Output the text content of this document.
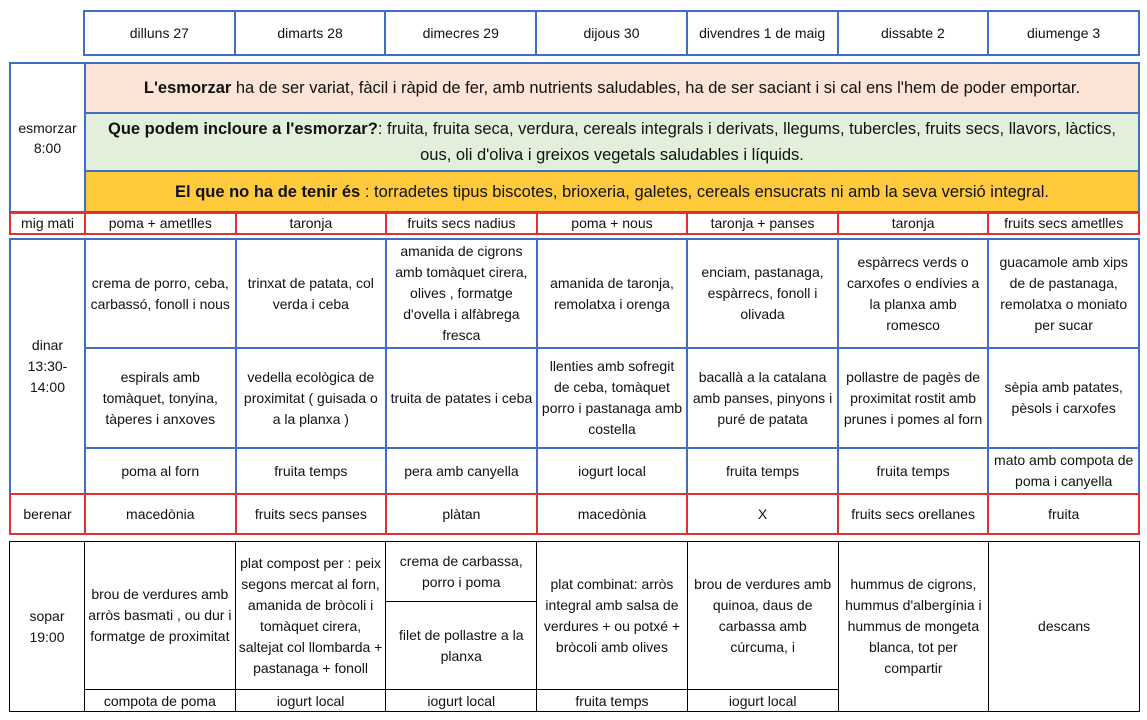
	dilluns 27	dimarts 28	dimecres 29	dijous 30	divendres 1 de maig	dissabte 2	diumenge 3
esmorzar
8:00	L'esmorzar ha de ser variat, fàcil i ràpid de fer, amb nutrients saludables, ha de ser saciant i si cal ens l'hem de poder emportar.
Que podem incloure a l'esmorzar?: fruita, fruita seca, verdura, cereals integrals i derivats, llegums, tubercles, fruits secs, llavors, làctics, ous, oli d'oliva i greixos vegetals saludables i líquids.
El que no ha de tenir és : torradetes tipus biscotes, brioxeria, galetes, cereals ensucrats ni amb la seva versió integral.
mig mati	poma + ametlles	taronja	fruits secs nadius	poma + nous	taronja + panses	taronja	fruits secs ametlles
dinar
13:30-
14:00	crema de porro, ceba, carbassó, fonoll i nous	trinxat de patata, col verda i ceba	amanida de cigrons amb tomàquet cirera, olives , formatge d'ovella i alfàbrega fresca	amanida de taronja, remolatxa i orenga	enciam, pastanaga, espàrrecs, fonoll i olivada	espàrrecs verds o carxofes o endívies a la planxa amb romesco	guacamole amb xips de de pastanaga, remolatxa o moniato per sucar
	espirals amb tomàquet, tonyina, tàperes i anxoves	vedella ecològica de proximitat ( guisada o a la planxa )	truita de patates i ceba	llenties amb sofregit de ceba, tomàquet porro i pastanaga amb costella	bacallà a la catalana amb panses, pinyons i puré de patata	pollastre de pagès de proximitat rostit amb prunes i pomes al forn	sèpia amb patates, pèsols i carxofes
	poma al forn	fruita temps	pera amb canyella	iogurt local	fruita temps	fruita temps	mato amb compota de poma i canyella
berenar	macedònia	fruits secs panses	plàtan	macedònia	X	fruits secs orellanes	fruita
sopar
19:00	brou de verdures amb arròs basmati , ou dur i formatge de proximitat	plat compost per : peix segons mercat al forn, amanida de bròcoli i tomàquet cirera, saltejat col llombarda + pastanaga + fonoll	crema de carbassa, porro i poma	plat combinat: arròs integral amb salsa de verdures + ou potxé + bròcoli amb olives	brou de verdures amb quinoa, daus de carbassa amb cúrcuma, i	hummus de cigrons, hummus d'albergínia i hummus de mongeta blanca, tot per compartir	descans
			filet de pollastre a la planxa				
	compota de poma	iogurt local	iogurt local	fruita temps	iogurt local		
